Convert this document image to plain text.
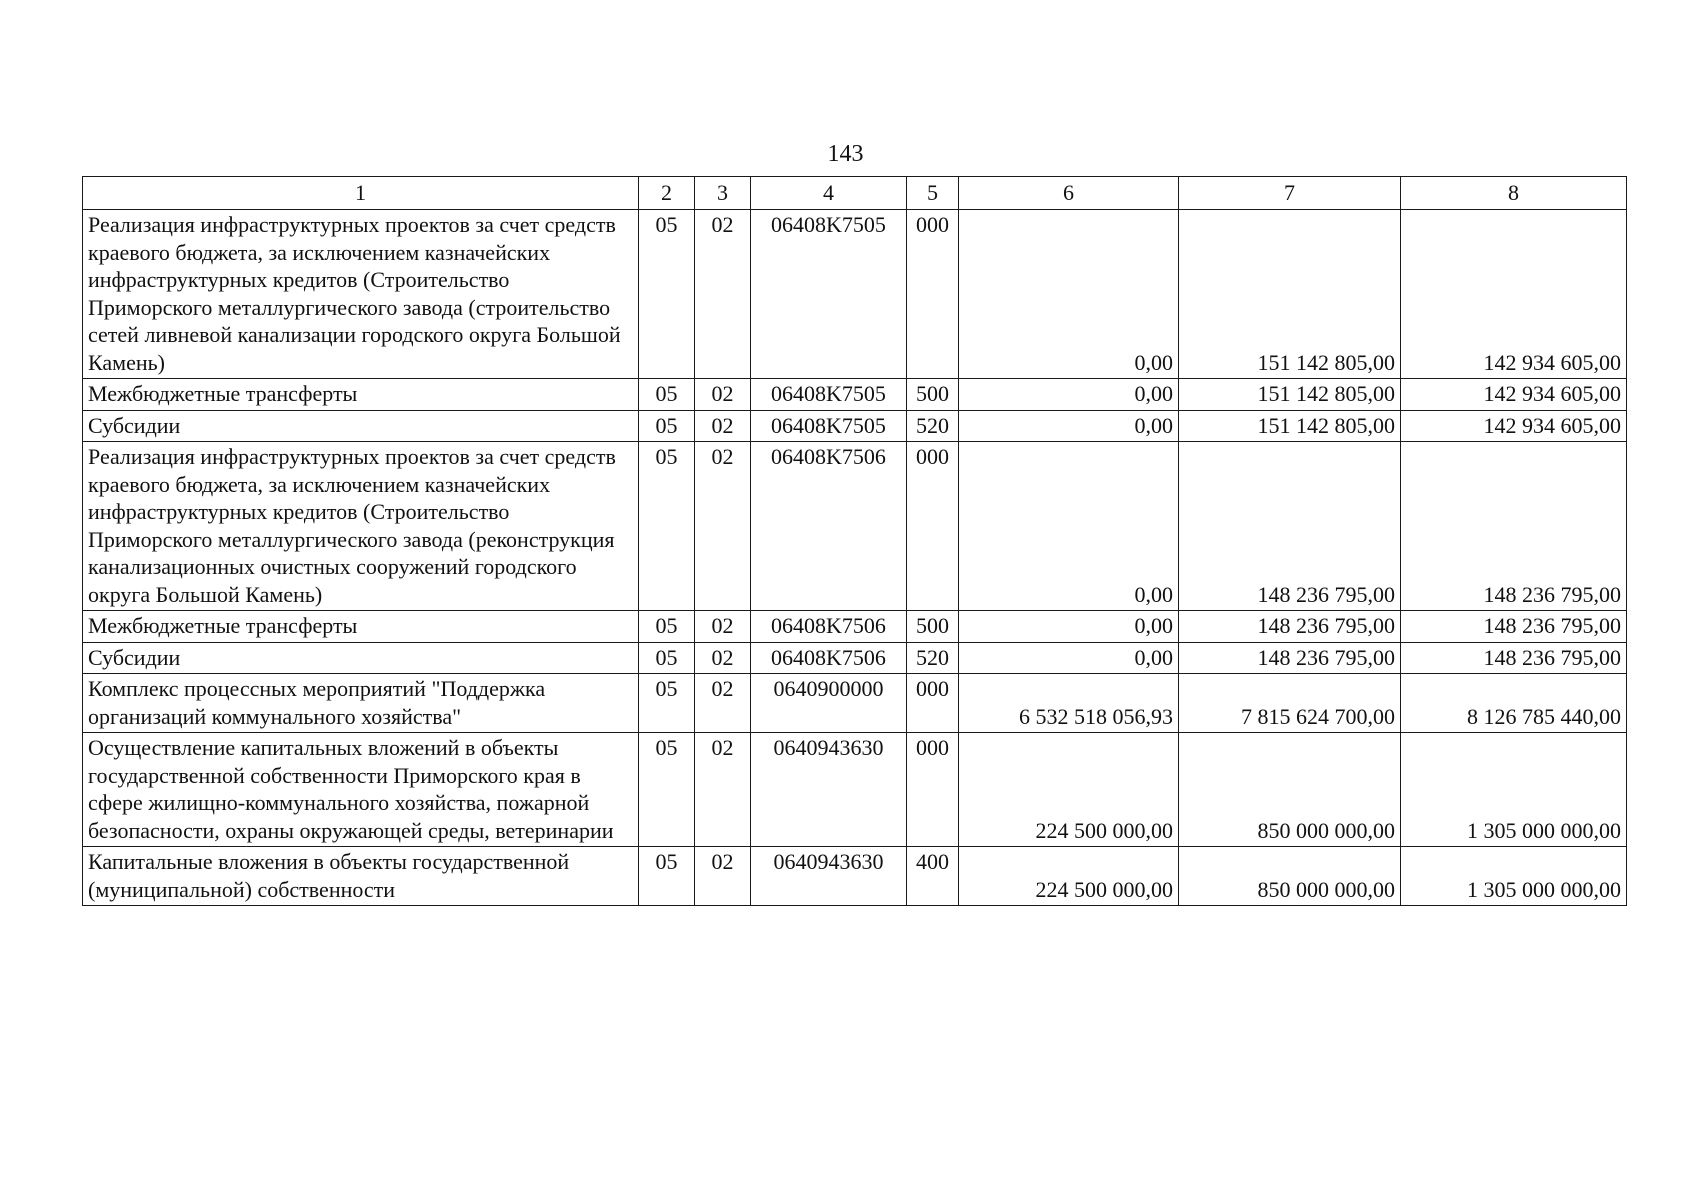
143
1	2	3	4	5	6	7	8
Реализация инфраструктурных проектов за счет средств краевого бюджета, за исключением казначейских инфраструктурных кредитов (Строительство Приморского металлургического завода (строительство сетей ливневой канализации городского округа Большой Камень)	05	02	06408K7505	000	0,00	151 142 805,00	142 934 605,00
Межбюджетные трансферты	05	02	06408K7505	500	0,00	151 142 805,00	142 934 605,00
Субсидии	05	02	06408K7505	520	0,00	151 142 805,00	142 934 605,00
Реализация инфраструктурных проектов за счет средств краевого бюджета, за исключением казначейских инфраструктурных кредитов (Строительство Приморского металлургического завода (реконструкция канализационных очистных сооружений городского округа Большой Камень)	05	02	06408K7506	000	0,00	148 236 795,00	148 236 795,00
Межбюджетные трансферты	05	02	06408K7506	500	0,00	148 236 795,00	148 236 795,00
Субсидии	05	02	06408K7506	520	0,00	148 236 795,00	148 236 795,00
Комплекс процессных мероприятий "Поддержка организаций коммунального хозяйства"	05	02	0640900000	000	6 532 518 056,93	7 815 624 700,00	8 126 785 440,00
Осуществление капитальных вложений в объекты государственной собственности Приморского края в сфере жилищно-коммунального хозяйства, пожарной безопасности, охраны окружающей среды, ветеринарии	05	02	0640943630	000	224 500 000,00	850 000 000,00	1 305 000 000,00
Капитальные вложения в объекты государственной (муниципальной) собственности	05	02	0640943630	400	224 500 000,00	850 000 000,00	1 305 000 000,00
